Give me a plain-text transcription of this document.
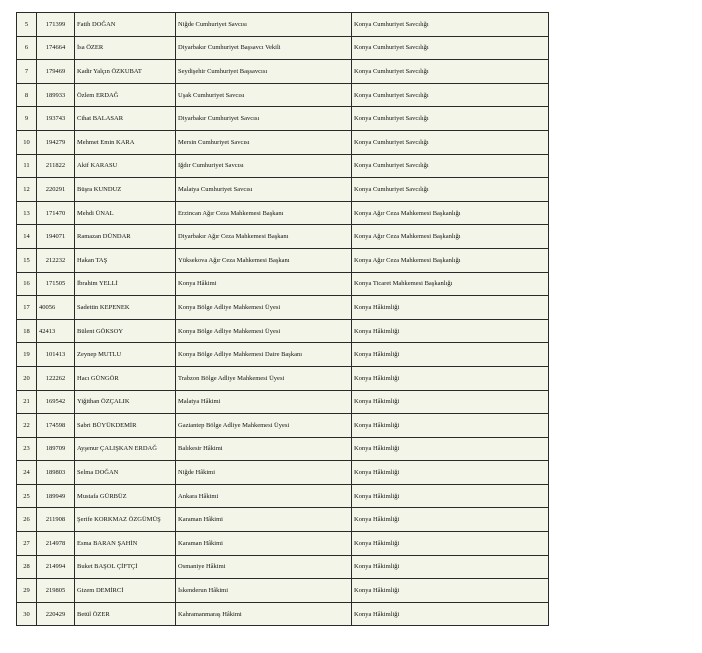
5	171399	Fatih DOĞAN	Niğde Cumhuriyet Savcısı	Konya Cumhuriyet Savcılığı
6	174664	İsa ÖZER	Diyarbakır Cumhuriyet Başsavcı Vekili	Konya Cumhuriyet Savcılığı
7	179469	Kadir Yalçın ÖZKUBAT	Seydişehir Cumhuriyet Başsavcısı	Konya Cumhuriyet Savcılığı
8	189933	Özlem ERDAĞ	Uşak Cumhuriyet Savcısı	Konya Cumhuriyet Savcılığı
9	193743	Cihat BALASAR	Diyarbakır Cumhuriyet Savcısı	Konya Cumhuriyet Savcılığı
10	194279	Mehmet Emin KARA	Mersin Cumhuriyet Savcısı	Konya Cumhuriyet Savcılığı
11	211822	Akif KARASU	Iğdır Cumhuriyet Savcısı	Konya Cumhuriyet Savcılığı
12	220291	Büşra KUNDUZ	Malatya Cumhuriyet Savcısı	Konya Cumhuriyet Savcılığı
13	171470	Mehdi ÜNAL	Erzincan Ağır Ceza Mahkemesi Başkanı	Konya Ağır Ceza Mahkemesi Başkanlığı
14	194071	Ramazan DÜNDAR	Diyarbakır Ağır Ceza Mahkemesi Başkanı	Konya Ağır Ceza Mahkemesi Başkanlığı
15	212232	Hakan TAŞ	Yüksekova Ağır Ceza Mahkemesi Başkanı	Konya Ağır Ceza Mahkemesi Başkanlığı
16	171505	İbrahim YELLİ	Konya Hâkimi	Konya Ticaret Mahkemesi Başkanlığı
17	40056	Sadettin KEPENEK	Konya Bölge Adliye Mahkemesi Üyesi	Konya Hâkimliği
18	42413	Bülent GÖKSOY	Konya Bölge Adliye Mahkemesi Üyesi	Konya Hâkimliği
19	101413	Zeynep MUTLU	Konya Bölge Adliye Mahkemesi Daire Başkanı	Konya Hâkimliği
20	122262	Hacı GÜNGÖR	Trabzon Bölge Adliye Mahkemesi Üyesi	Konya Hâkimliği
21	169542	Yiğithan ÖZÇALIK	Malatya Hâkimi	Konya Hâkimliği
22	174598	Sabri BÜYÜKDEMİR	Gaziantep Bölge Adliye Mahkemesi Üyesi	Konya Hâkimliği
23	189709	Ayşenur ÇALIŞKAN ERDAĞ	Balıkesir Hâkimi	Konya Hâkimliği
24	189803	Selma DOĞAN	Niğde Hâkimi	Konya Hâkimliği
25	189949	Mustafa GÜRBÜZ	Ankara Hâkimi	Konya Hâkimliği
26	211908	Şerife KORKMAZ ÖZGÜMÜŞ	Karaman Hâkimi	Konya Hâkimliği
27	214978	Esma BARAN ŞAHİN	Karaman Hâkimi	Konya Hâkimliği
28	214994	Buket BAŞOL ÇİFTÇİ	Osmaniye Hâkimi	Konya Hâkimliği
29	219805	Gizem DEMİRCİ	İskenderun Hâkimi	Konya Hâkimliği
30	220429	Betül ÖZER	Kahramanmaraş Hâkimi	Konya Hâkimliği
